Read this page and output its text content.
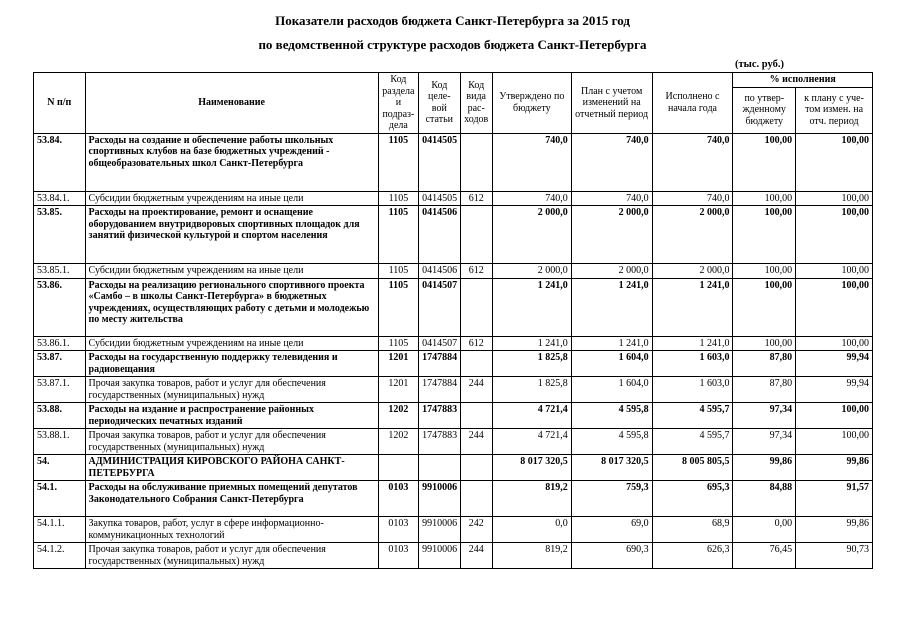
Показатели расходов бюджета Санкт-Петербурга за 2015 год
по ведомственной структуре расходов бюджета Санкт-Петербурга
(тыс. руб.)
N п/п	Наименование	Код раздела и подраз-дела	Код целе-вой статьи	Код вида рас-ходов	Утверждено по бюджету	План с учетом изменений на отчетный период	Исполнено с начала года	% исполнения	
								по утвер-жденному бюджету	к плану с уче-том измен. на отч. период
53.84.	Расходы на создание и обеспечение работы школьных спортивных клубов на базе бюджетных учреждений - общеобразовательных школ Санкт-Петербурга	1105	0414505		740,0	740,0	740,0	100,00	100,00
53.84.1.	Субсидии бюджетным учреждениям на иные цели	1105	0414505	612	740,0	740,0	740,0	100,00	100,00
53.85.	Расходы на проектирование, ремонт и оснащение оборудованием внутридворовых спортивных площадок для занятий физической культурой и спортом населения	1105	0414506		2 000,0	2 000,0	2 000,0	100,00	100,00
53.85.1.	Субсидии бюджетным учреждениям на иные цели	1105	0414506	612	2 000,0	2 000,0	2 000,0	100,00	100,00
53.86.	Расходы на реализацию регионального спортивного проекта «Самбо – в школы Санкт-Петербурга» в бюджетных учреждениях, осуществляющих работу с детьми и молодежью по месту жительства	1105	0414507		1 241,0	1 241,0	1 241,0	100,00	100,00
53.86.1.	Субсидии бюджетным учреждениям на иные цели	1105	0414507	612	1 241,0	1 241,0	1 241,0	100,00	100,00
53.87.	Расходы на государственную поддержку телевидения и радиовещания	1201	1747884		1 825,8	1 604,0	1 603,0	87,80	99,94
53.87.1.	Прочая закупка товаров, работ и услуг для обеспечения государственных (муниципальных) нужд	1201	1747884	244	1 825,8	1 604,0	1 603,0	87,80	99,94
53.88.	Расходы на издание и распространение районных периодических печатных изданий	1202	1747883		4 721,4	4 595,8	4 595,7	97,34	100,00
53.88.1.	Прочая закупка товаров, работ и услуг для обеспечения государственных (муниципальных) нужд	1202	1747883	244	4 721,4	4 595,8	4 595,7	97,34	100,00
54.	АДМИНИСТРАЦИЯ КИРОВСКОГО РАЙОНА САНКТ-ПЕТЕРБУРГА				8 017 320,5	8 017 320,5	8 005 805,5	99,86	99,86
54.1.	Расходы на обслуживание приемных помещений депутатов Законодательного Собрания Санкт-Петербурга	0103	9910006		819,2	759,3	695,3	84,88	91,57
54.1.1.	Закупка товаров, работ, услуг в сфере информационно-коммуникационных технологий	0103	9910006	242	0,0	69,0	68,9	0,00	99,86
54.1.2.	Прочая закупка товаров, работ и услуг для обеспечения государственных (муниципальных) нужд	0103	9910006	244	819,2	690,3	626,3	76,45	90,73
